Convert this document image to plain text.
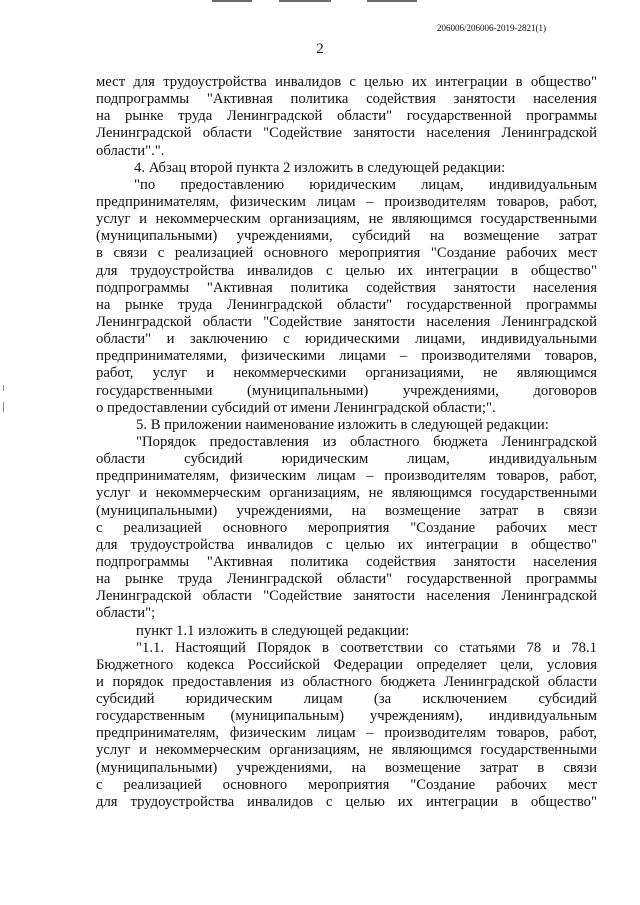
206006/206006-2019-2821(1)
2
мест для трудоустройства инвалидов с целью их интеграции в общество"
подпрограммы "Активная политика содействия занятости населения
на рынке труда Ленинградской области" государственной программы
Ленинградской области "Содействие занятости населения Ленинградской
области".".
4. Абзац второй пункта 2 изложить в следующей редакции:
"по предоставлению юридическим лицам, индивидуальным
предпринимателям, физическим лицам – производителям товаров, работ,
услуг и некоммерческим организациям, не являющимся государственными
(муниципальными) учреждениями, субсидий на возмещение затрат
в связи с реализацией основного мероприятия "Создание рабочих мест
для трудоустройства инвалидов с целью их интеграции в общество"
подпрограммы "Активная политика содействия занятости населения
на рынке труда Ленинградской области" государственной программы
Ленинградской области "Содействие занятости населения Ленинградской
области" и заключению с юридическими лицами, индивидуальными
предпринимателями, физическими лицами – производителями товаров,
работ, услуг и некоммерческими организациями, не являющимся
государственными (муниципальными) учреждениями, договоров
о предоставлении субсидий от имени Ленинградской области;".
5. В приложении наименование изложить в следующей редакции:
"Порядок предоставления из областного бюджета Ленинградской
области субсидий юридическим лицам, индивидуальным
предпринимателям, физическим лицам – производителям товаров, работ,
услуг и некоммерческим организациям, не являющимся государственными
(муниципальными) учреждениями, на возмещение затрат в связи
с реализацией основного мероприятия "Создание рабочих мест
для трудоустройства инвалидов с целью их интеграции в общество"
подпрограммы "Активная политика содействия занятости населения
на рынке труда Ленинградской области" государственной программы
Ленинградской области "Содействие занятости населения Ленинградской
области";
пункт 1.1 изложить в следующей редакции:
"1.1. Настоящий Порядок в соответствии со статьями 78 и 78.1
Бюджетного кодекса Российской Федерации определяет цели, условия
и порядок предоставления из областного бюджета Ленинградской области
субсидий юридическим лицам (за исключением субсидий
государственным (муниципальным) учреждениям), индивидуальным
предпринимателям, физическим лицам – производителям товаров, работ,
услуг и некоммерческим организациям, не являющимся государственными
(муниципальными) учреждениями, на возмещение затрат в связи
с реализацией основного мероприятия "Создание рабочих мест
для трудоустройства инвалидов с целью их интеграции в общество"
